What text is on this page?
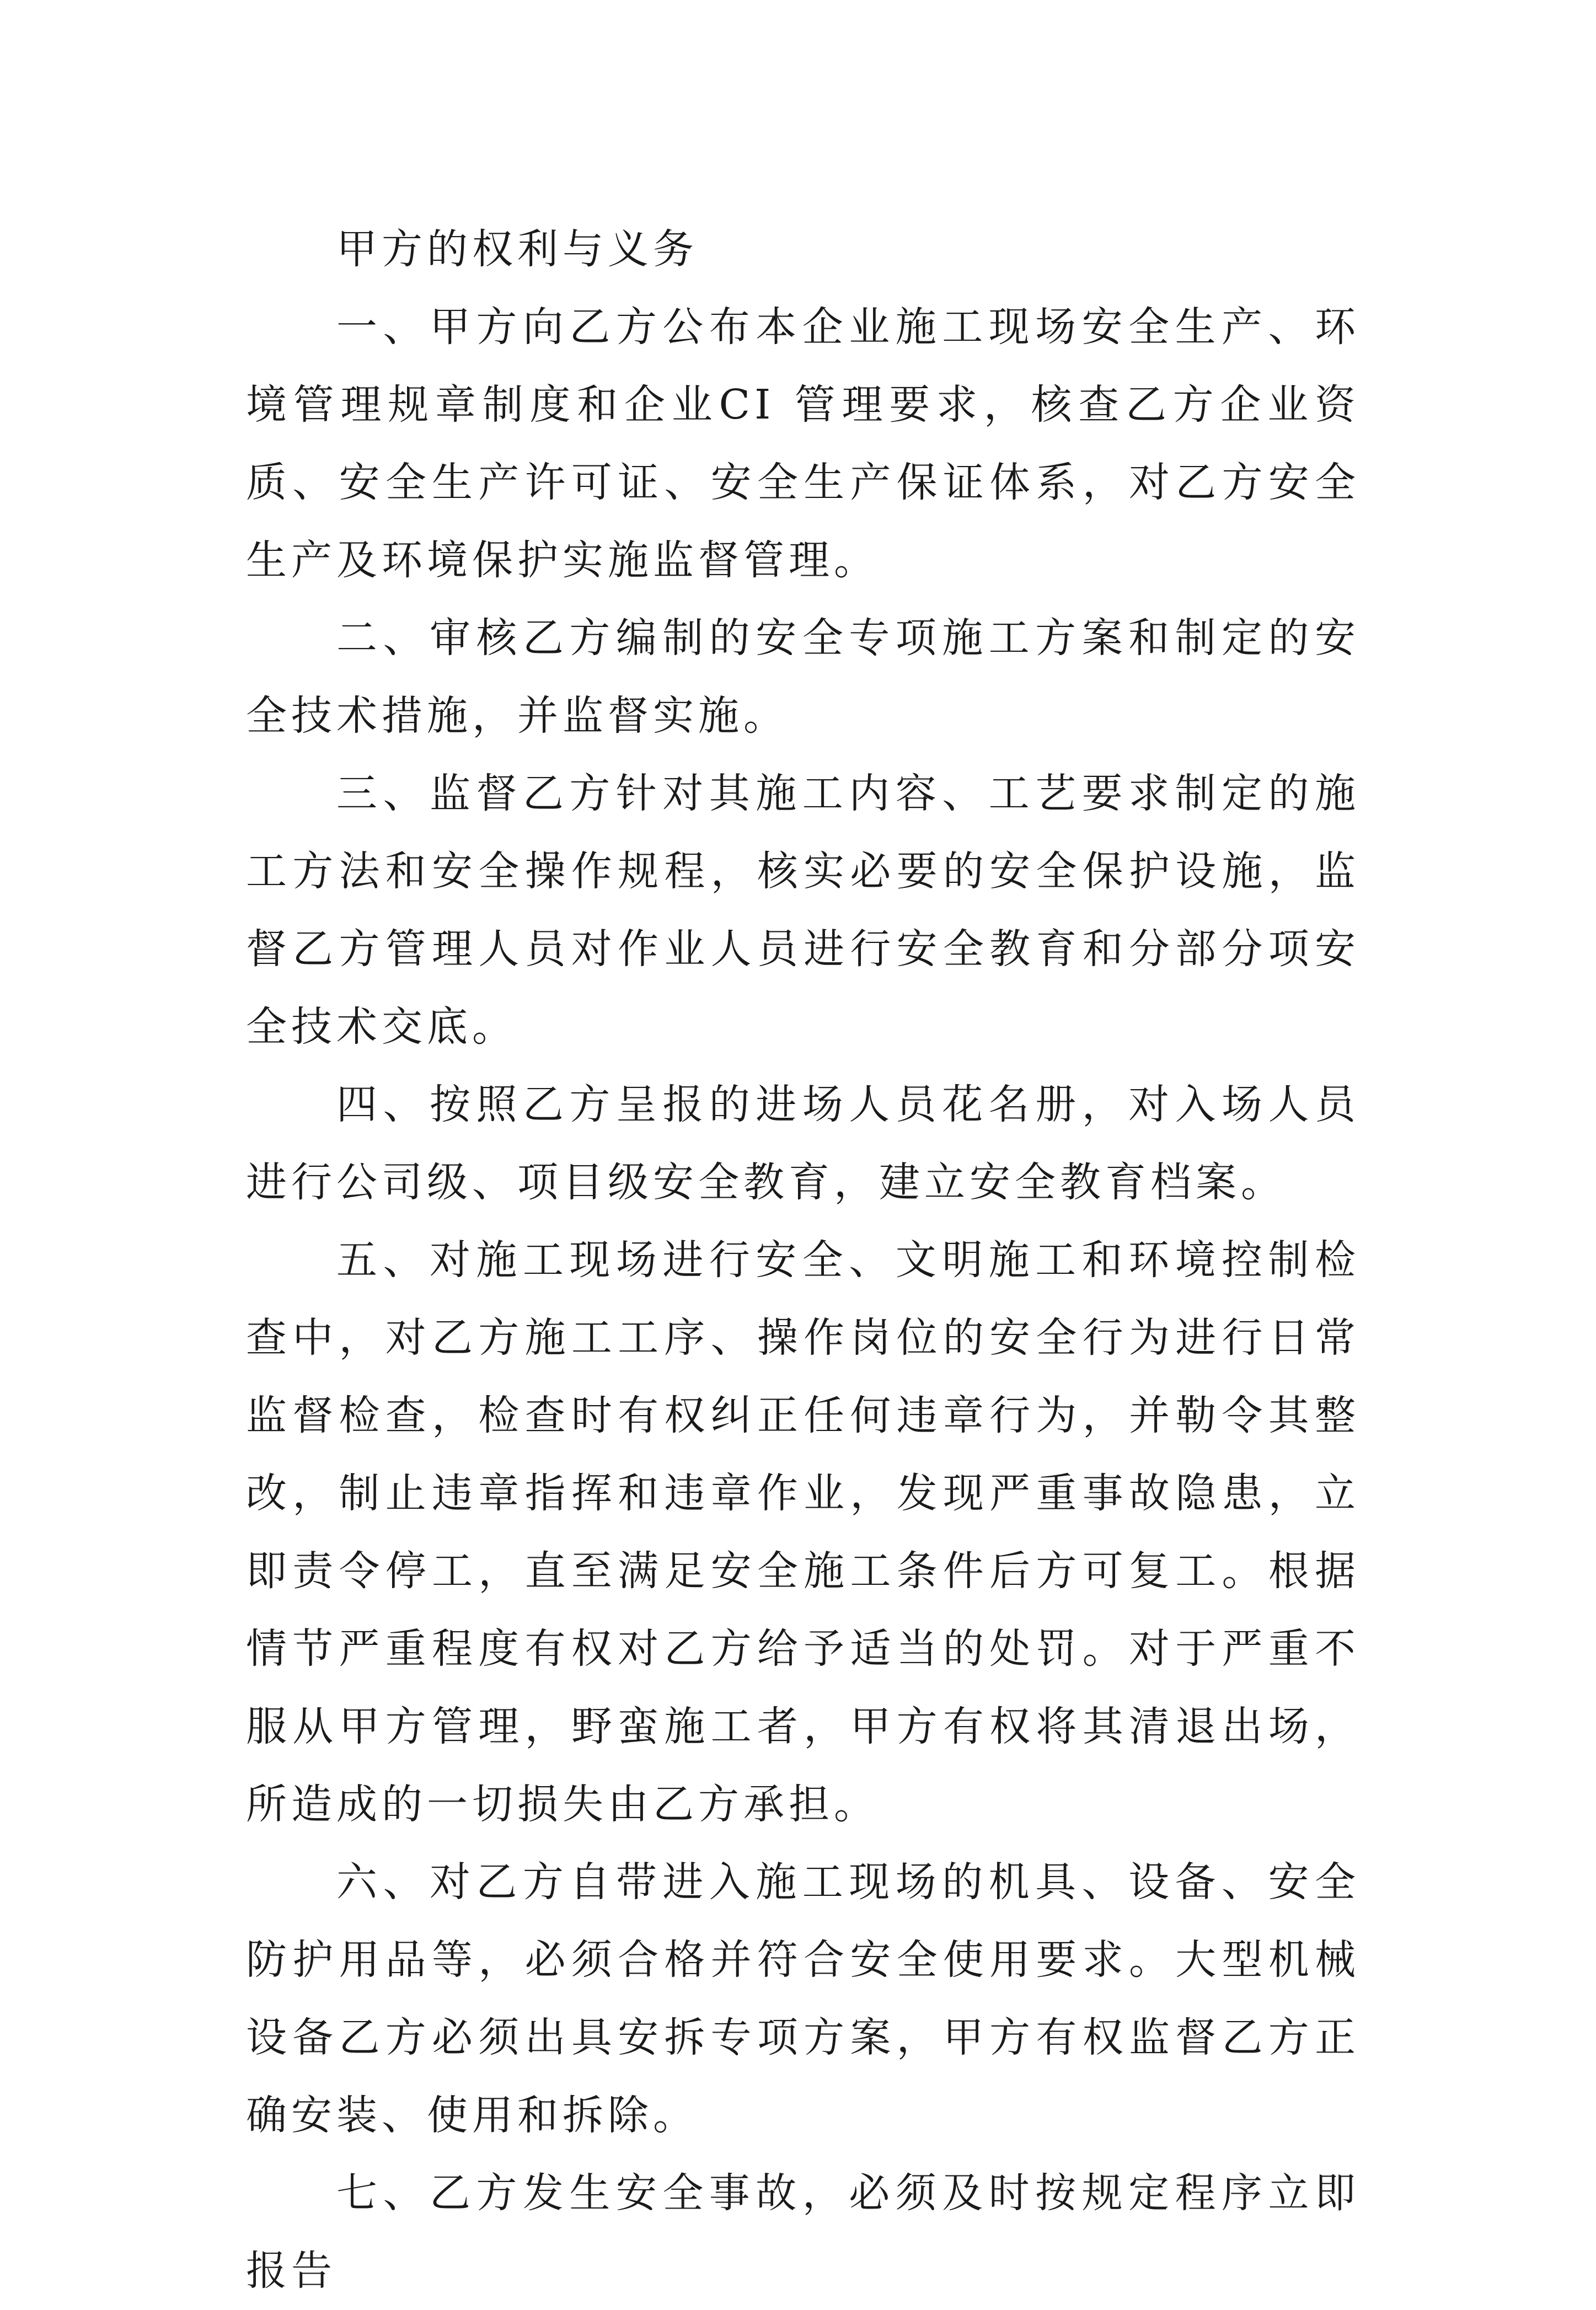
甲方的权利与义务

一、甲方向乙方公布本企业施工现场安全生产、环境管理规章制度和企业CI 管理要求，核查乙方企业资质、安全生产许可证、安全生产保证体系，对乙方安全生产及环境保护实施监督管理。

二、审核乙方编制的安全专项施工方案和制定的安全技术措施，并监督实施。

三、监督乙方针对其施工内容、工艺要求制定的施工方法和安全操作规程，核实必要的安全保护设施，监督乙方管理人员对作业人员进行安全教育和分部分项安全技术交底。

四、按照乙方呈报的进场人员花名册，对入场人员进行公司级、项目级安全教育，建立安全教育档案。

五、对施工现场进行安全、文明施工和环境控制检查中，对乙方施工工序、操作岗位的安全行为进行日常监督检查，检查时有权纠正任何违章行为，并勒令其整改，制止违章指挥和违章作业，发现严重事故隐患，立即责令停工，直至满足安全施工条件后方可复工。根据情节严重程度有权对乙方给予适当的处罚。对于严重不服从甲方管理，野蛮施工者，甲方有权将其清退出场，所造成的一切损失由乙方承担。

六、对乙方自带进入施工现场的机具、设备、安全防护用品等，必须合格并符合安全使用要求。大型机械设备乙方必须出具安拆专项方案，甲方有权监督乙方正确安装、使用和拆除。

七、乙方发生安全事故，必须及时按规定程序立即报告
